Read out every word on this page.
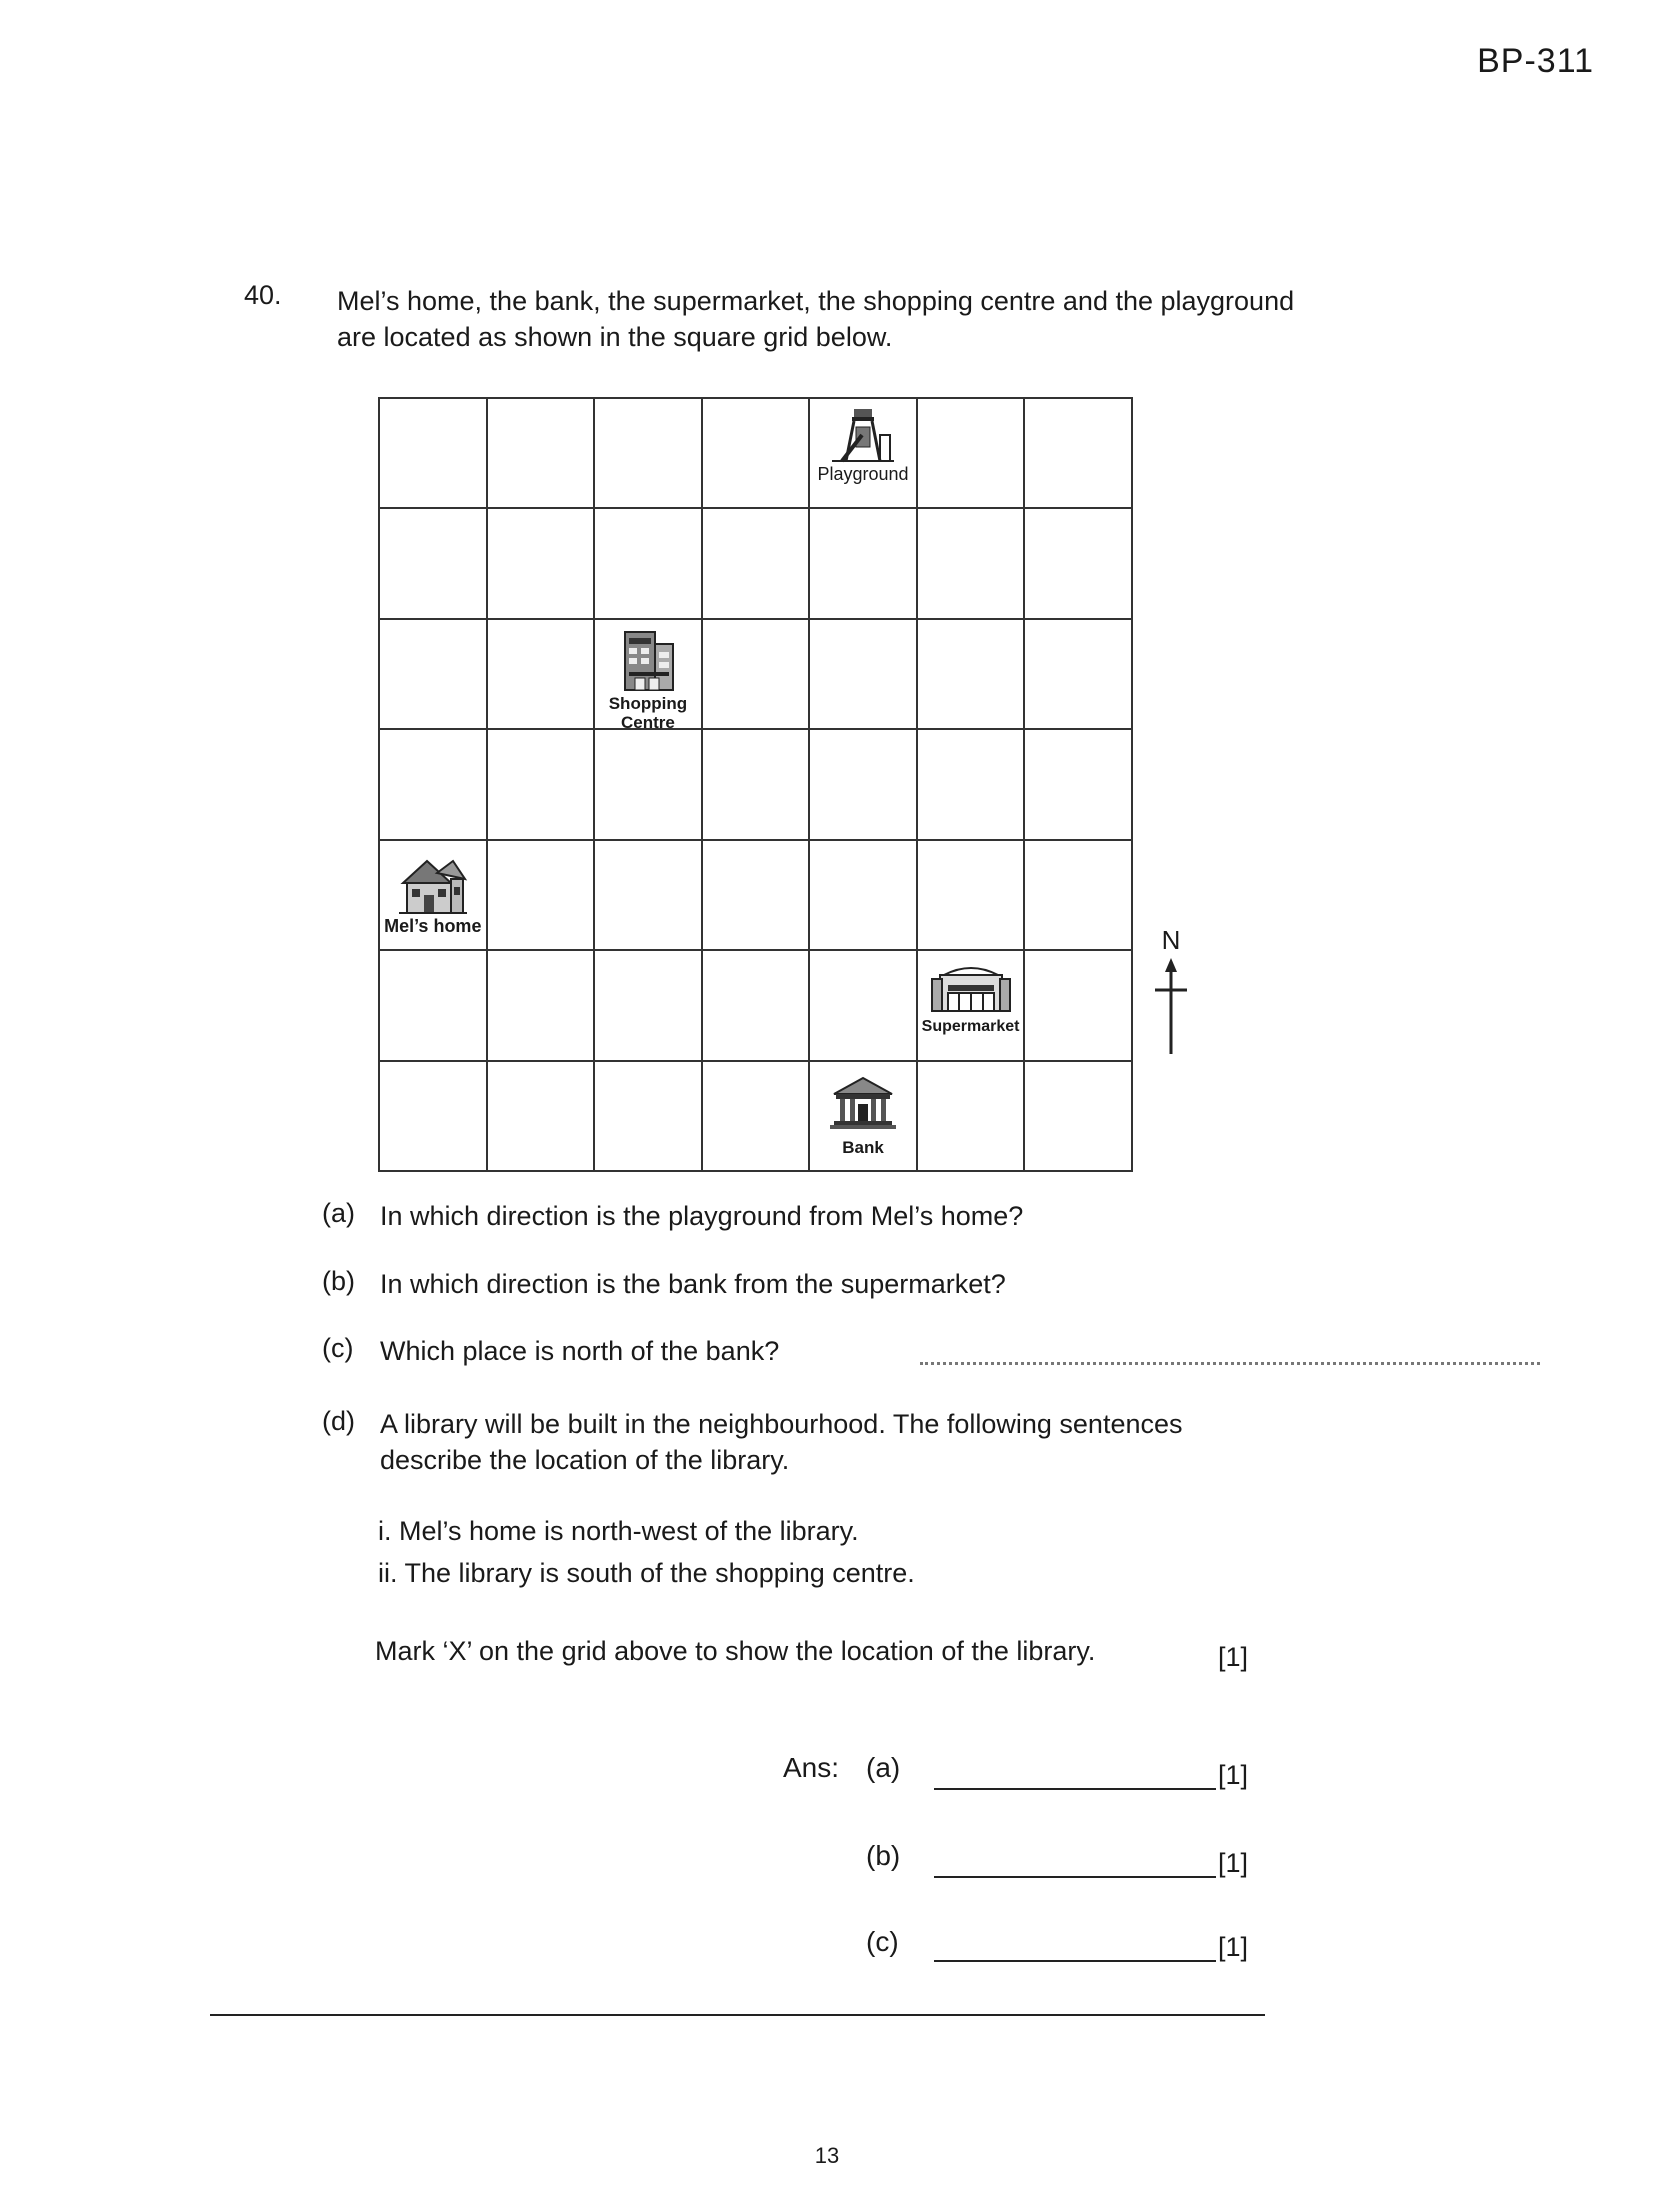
BP-311
40. Mel’s home, the bank, the supermarket, the shopping centre and the playground are located as shown in the square grid below.

				Playground		

		Shopping
Centre				

Mel’s home						

					Supermarket	

				Bank		

N
(a) In which direction is the playground from Mel’s home?
(b) In which direction is the bank from the supermarket?
(c) Which place is north of the bank?
(d) A library will be built in the neighbourhood. The following sentences describe the location of the library.
i. Mel’s home is north-west of the library.
ii. The library is south of the shopping centre.
Mark ‘X’ on the grid above to show the location of the library.	[1]
Ans: (a)	[1]
(b)	[1]
(c)	[1]
13
